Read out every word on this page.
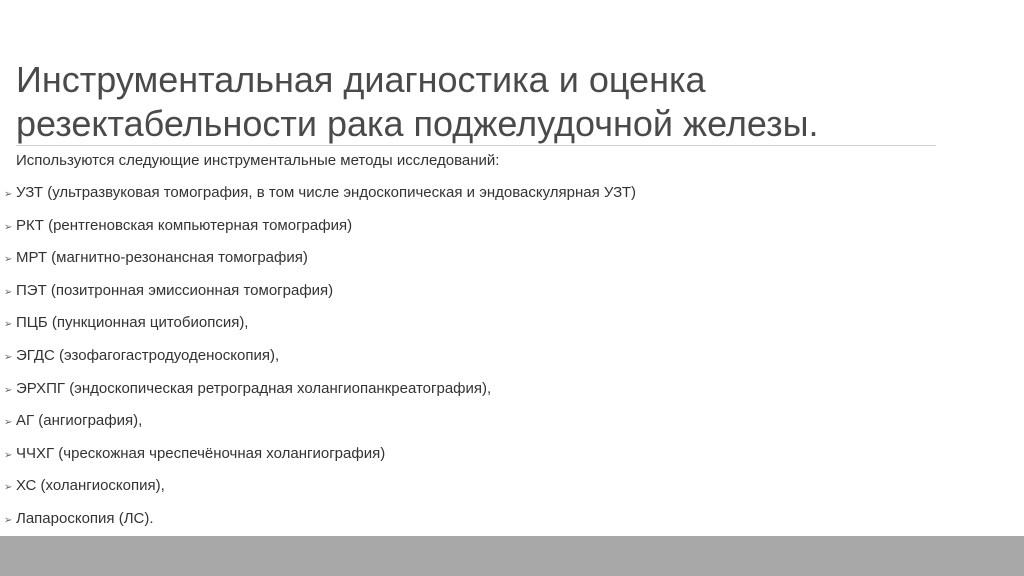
Инструментальная диагностика и оценка
резектабельности рака поджелудочной железы.
Используются следующие инструментальные методы исследований:
➢ УЗТ (ультразвуковая томография, в том числе эндоскопическая и эндоваскулярная УЗТ)
➢ РКТ (рентгеновская компьютерная томография)
➢ МРТ (магнитно-резонансная томография)
➢ ПЭТ (позитронная эмиссионная томография)
➢ ПЦБ (пункционная цитобиопсия),
➢ ЭГДС (эзофагогастродуоденоскопия),
➢ ЭРХПГ (эндоскопическая ретроградная холангиопанкреатография),
➢ АГ (ангиография),
➢ ЧЧХГ (чрескожная чреспечёночная холангиография)
➢ ХС (холангиоскопия),
➢ Лапароскопия (ЛС).
